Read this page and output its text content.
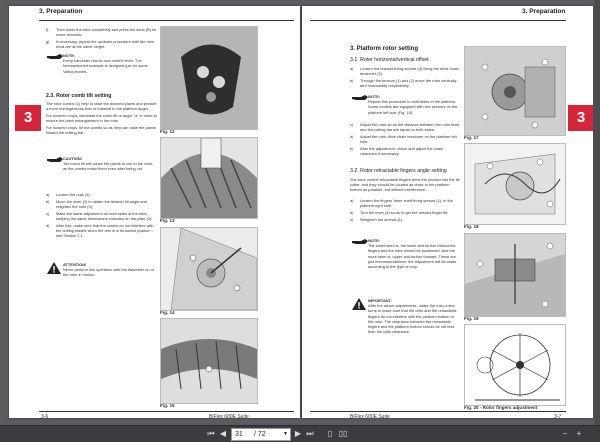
3. Preparation
3
f)	Then lower the rotor completely and press the knob (B) for some seconds;
g)	If necessary, repeat the up/down procedure until the rotor ends are at the same height.
NOTE:
Every harvester has its own control lever. The forementioned example is designed just for some Valtra models.
2.3. Rotor comb tilt setting

The rotor combs (1) help to raise the downed plants and provide a more homogeneous flow of material to the platform auger.

For downed crops, decrease the comb tilt or angle "a" in order to ensure the plant entanglement in the rotor.

For downed crops, tilt the combs so as they can raise the plants toward the cutting bar.

CAUTION!
Too much tilt will cause the plants to curl in the rotor, as the combs retain them even after being cut.
a)	Loosen the nuts (3);
b)	Move the lever (2) to obtain the desired tilt angle and retighten the nuts (3);
c)	Make the same adjustment on both sides of the rotor, keeping the same dimensions indicated on the plate (4);
d)	After this, make sure that the combs do not interfere with the cutting blades when the reel is in its lowest position - see Section 2.1.
ATTENTION!
Never perform this operation with the harvester on or the rotor in motion.
Fig. 12
Fig. 13
Fig. 14
Fig. 15
3-6	BiFlex 600E Suite
3. Preparation
3
3. Platform rotor setting
3.1. Rotor horizontal/vertical offset
a)	Loosen the bracket fixing screws (4) fixing the drive chain tensioner (3);
b)	Through the tensors (1) and (2) move the rotor vertically and horizontally respectively.
NOTE:
Repeat this procedure in both sides of the platform. Some models are equipped with two sensors on the platform left side (Fig. 18).
c)	Adjust the rotor so as the distance between the rotor tines and the cutting bar are equal on both sides;
d)	Adjust the rotor drive chain tensioner on the platform left side;
e)	After the adjustment, check and adjust the chain clearance if necessary.
3.2. Rotor retractable fingers angle setting

The rotor central retractable fingers drive the product into the lift cutter, and they should be located as close to the platform bottom as possible, but without interference.

a)	Loosen the fingers' timer shaft fixing screws (1), in the platform right side;
b)	Turn the lever (4) so as to get the desired finger tilt;
c)	Retighten the screws (1).
NOTE:
The lower stem is, the lower and further behind the fingers and the rotor should be positioned. And the more stem is, upper and further forward. These are just recommendations; the adjustment will be made according to the type of crop.
IMPORTANT:
After the above adjustments, rotate the rotor a few turns to make sure that the coils and the retractable fingers do not interfere with the platform bottom or the rotor. The clearance between the retractable fingers and the platform bottom should be not less than the coils clearance.
Fig. 17
Fig. 18
Fig. 19
Fig. 20 - Rotor fingers adjustment
BiFlex 600E Suite	3-7
⏮ ◀ 31 / 72	▼ ▶ ⏭	▯ ▯▯	−	+
